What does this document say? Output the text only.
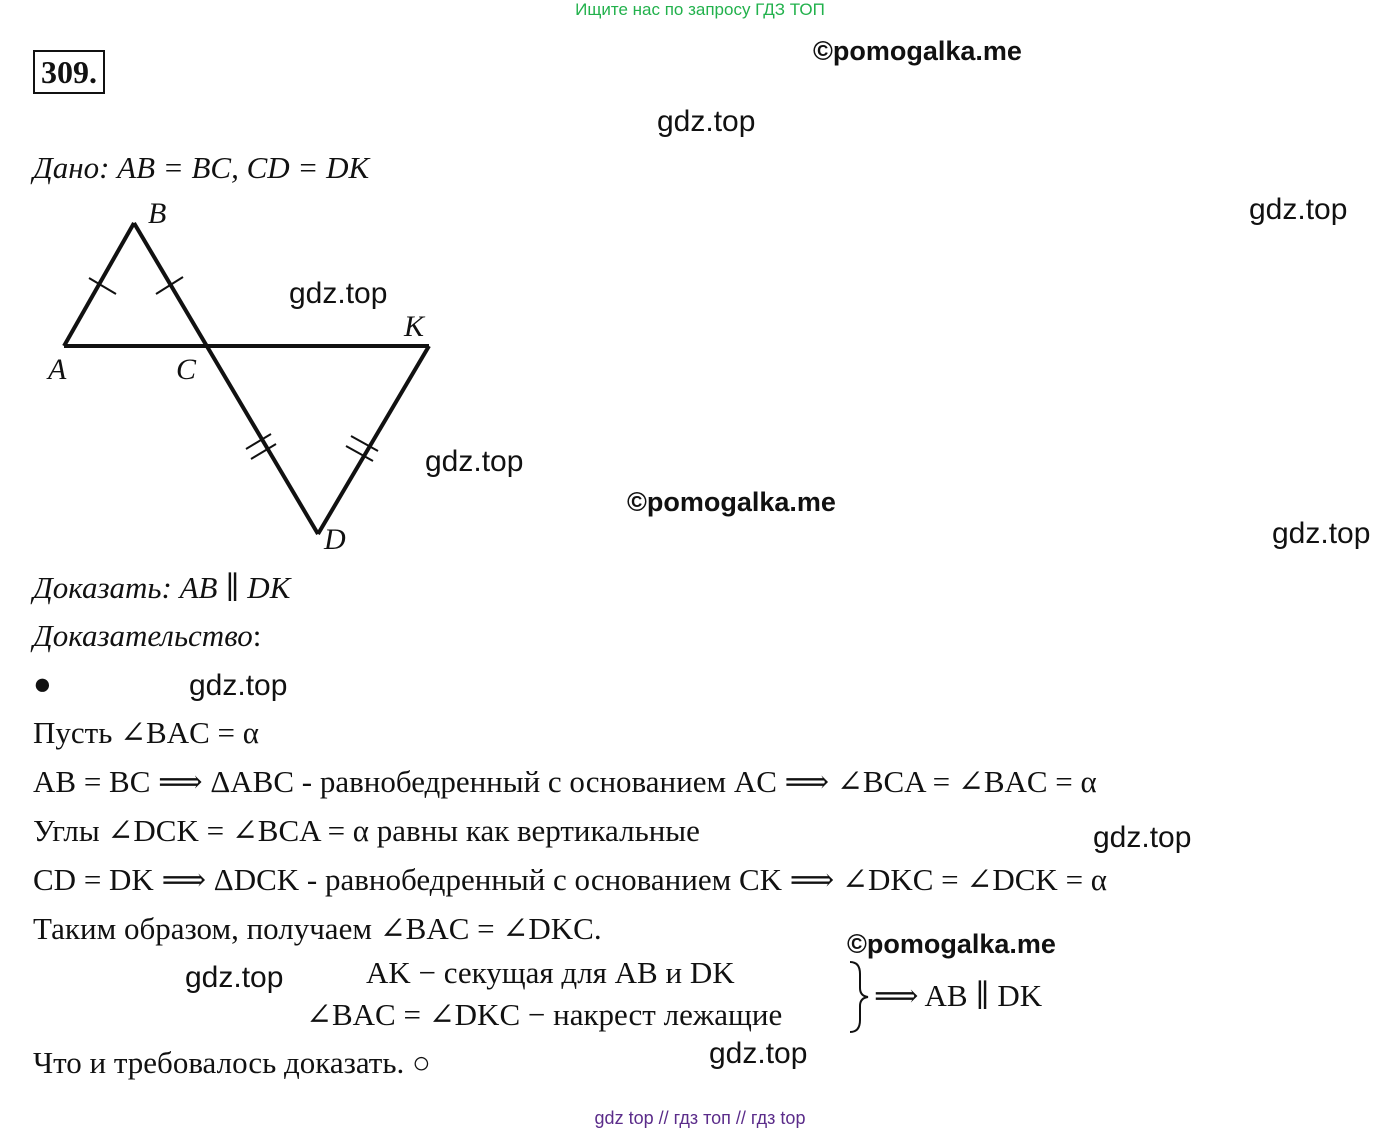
Ищите нас по запросу ГДЗ ТОП
309.
©pomogalka.me
gdz.top
Дано: AB = BC, CD = DK
gdz.top
B
A	C
K
D
gdz.top
gdz.top
©pomogalka.me
gdz.top
Доказать: AB ∥ DK
Доказательство:
●	gdz.top
Пусть ∠BAC = α
AB = BC ⟹ ΔABC - равнобедренный с основанием AC ⟹ ∠BCA = ∠BAC = α
Углы ∠DCK = ∠BCA = α равны как вертикальные	gdz.top
CD = DK ⟹ ΔDCK - равнобедренный с основанием CK ⟹ ∠DKC = ∠DCK = α
Таким образом, получаем ∠BAC = ∠DKC.	©pomogalka.me
gdz.top	AK − секущая для AB и DK
∠BAC = ∠DKC − накрест лежащие
⟹ AB ∥ DK
gdz.top
Что и требовалось доказать. ○
gdz top // гдз топ // гдз top
